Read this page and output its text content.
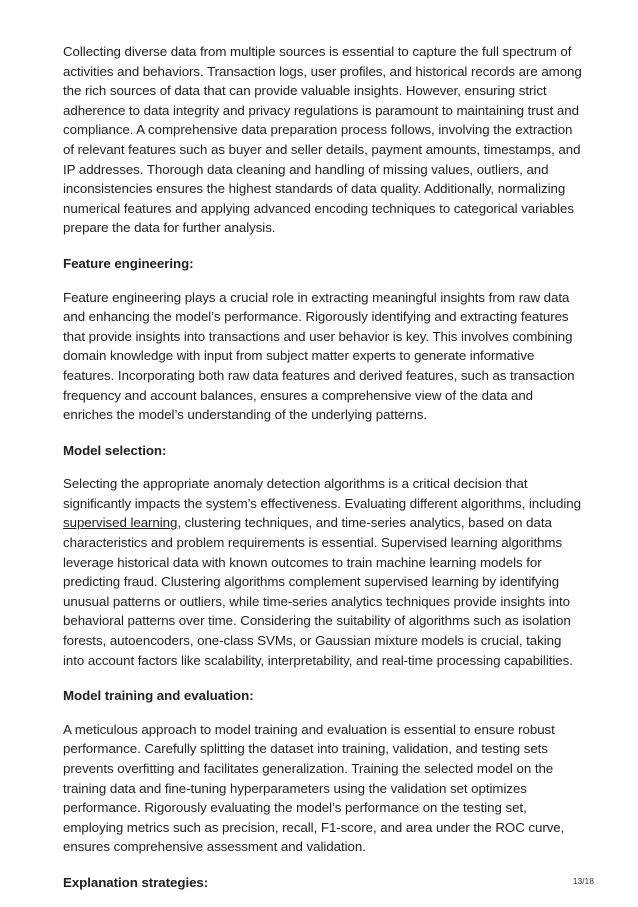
Collecting diverse data from multiple sources is essential to capture the full spectrum of activities and behaviors. Transaction logs, user profiles, and historical records are among the rich sources of data that can provide valuable insights. However, ensuring strict adherence to data integrity and privacy regulations is paramount to maintaining trust and compliance. A comprehensive data preparation process follows, involving the extraction of relevant features such as buyer and seller details, payment amounts, timestamps, and IP addresses. Thorough data cleaning and handling of missing values, outliers, and inconsistencies ensures the highest standards of data quality. Additionally, normalizing numerical features and applying advanced encoding techniques to categorical variables prepare the data for further analysis.

Feature engineering:

Feature engineering plays a crucial role in extracting meaningful insights from raw data and enhancing the model’s performance. Rigorously identifying and extracting features that provide insights into transactions and user behavior is key. This involves combining domain knowledge with input from subject matter experts to generate informative features. Incorporating both raw data features and derived features, such as transaction frequency and account balances, ensures a comprehensive view of the data and enriches the model’s understanding of the underlying patterns.

Model selection:

Selecting the appropriate anomaly detection algorithms is a critical decision that significantly impacts the system’s effectiveness. Evaluating different algorithms, including supervised learning, clustering techniques, and time-series analytics, based on data characteristics and problem requirements is essential. Supervised learning algorithms leverage historical data with known outcomes to train machine learning models for predicting fraud. Clustering algorithms complement supervised learning by identifying unusual patterns or outliers, while time-series analytics techniques provide insights into behavioral patterns over time. Considering the suitability of algorithms such as isolation forests, autoencoders, one-class SVMs, or Gaussian mixture models is crucial, taking into account factors like scalability, interpretability, and real-time processing capabilities.

Model training and evaluation:

A meticulous approach to model training and evaluation is essential to ensure robust performance. Carefully splitting the dataset into training, validation, and testing sets prevents overfitting and facilitates generalization. Training the selected model on the training data and fine-tuning hyperparameters using the validation set optimizes performance. Rigorously evaluating the model’s performance on the testing set, employing metrics such as precision, recall, F1-score, and area under the ROC curve, ensures comprehensive assessment and validation.

Explanation strategies:	13/18
